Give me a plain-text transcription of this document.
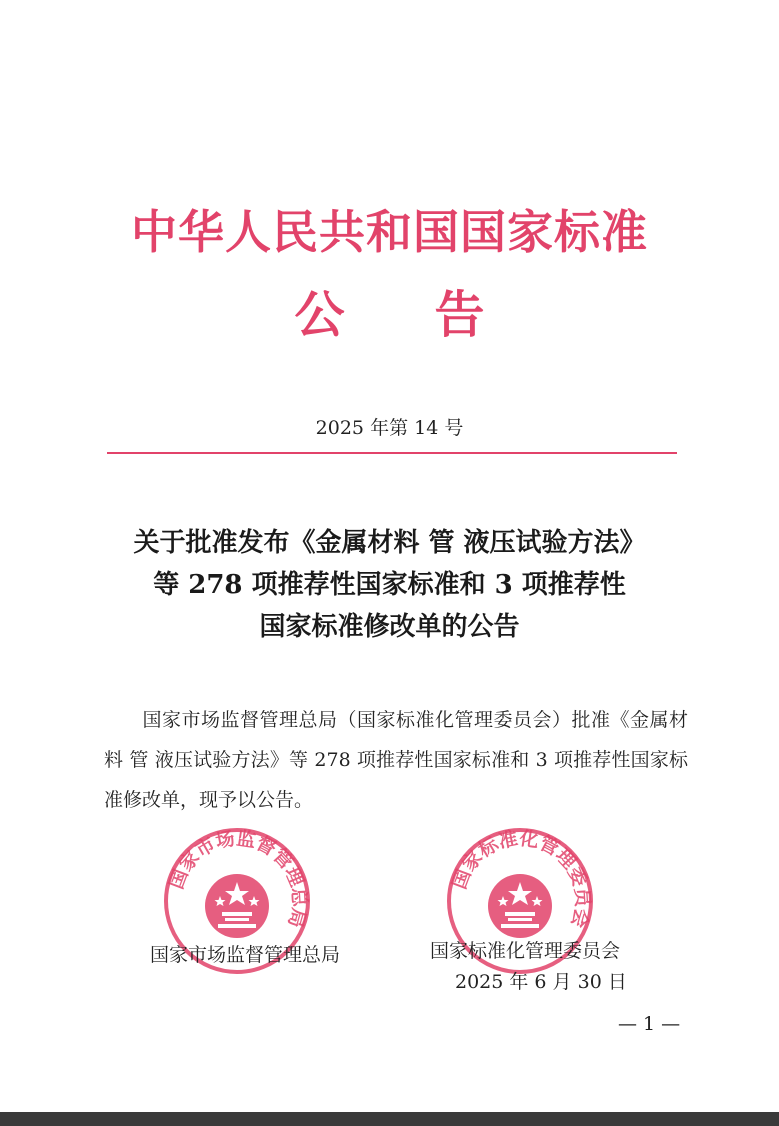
中华人民共和国国家标准
公 告
2025 年第 14 号
关于批准发布《金属材料 管 液压试验方法》
等 278 项推荐性国家标准和 3 项推荐性
国家标准修改单的公告
国家市场监督管理总局（国家标准化管理委员会）批准《金属材料 管 液压试验方法》等 278 项推荐性国家标准和 3 项推荐性国家标准修改单，现予以公告。
国家市场监督管理总局
国家标准化管理委员会
国家市场监督管理总局	国家标准化管理委员会
2025 年 6 月 30 日
— 1 —
